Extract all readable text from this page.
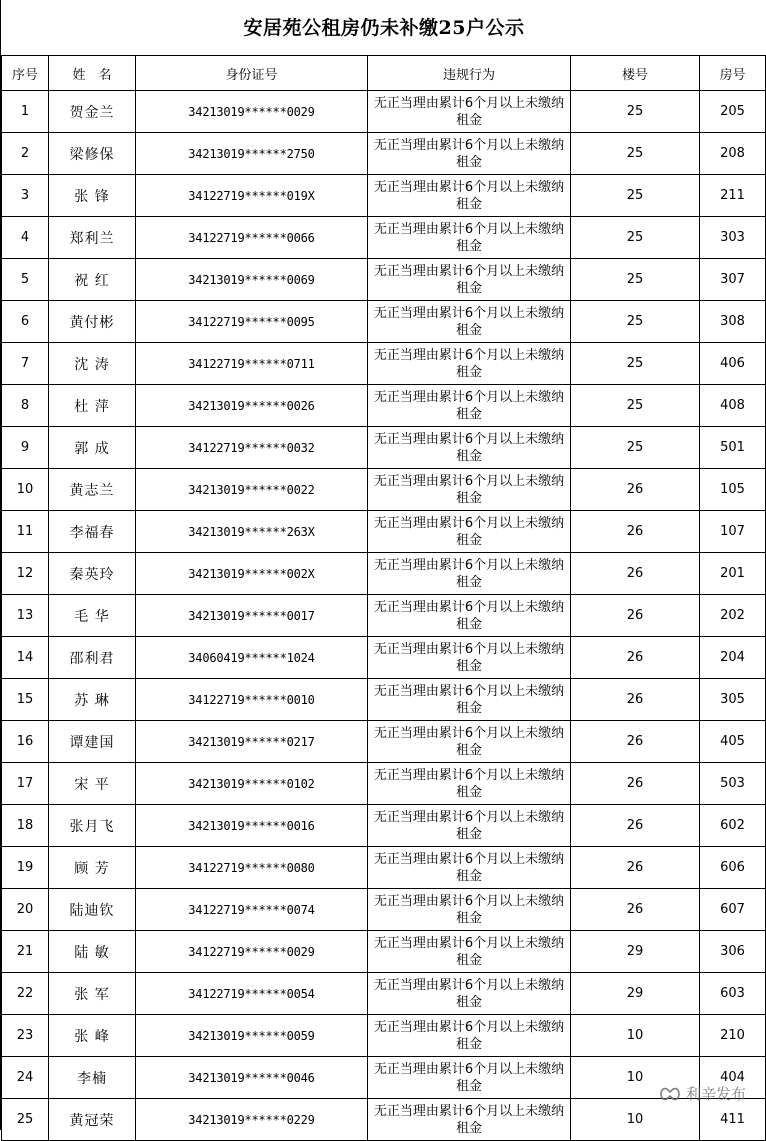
安居苑公租房仍未补缴25户公示
序号	姓　名	身份证号	违规行为	楼号	房号
1	贺金兰	34213019******0029	无正当理由累计6个月以上未缴纳租金	25	205
2	梁修保	34213019******2750	无正当理由累计6个月以上未缴纳租金	25	208
3	张 锋	34122719******019X	无正当理由累计6个月以上未缴纳租金	25	211
4	郑利兰	34122719******0066	无正当理由累计6个月以上未缴纳租金	25	303
5	祝 红	34213019******0069	无正当理由累计6个月以上未缴纳租金	25	307
6	黄付彬	34122719******0095	无正当理由累计6个月以上未缴纳租金	25	308
7	沈 涛	34122719******0711	无正当理由累计6个月以上未缴纳租金	25	406
8	杜 萍	34213019******0026	无正当理由累计6个月以上未缴纳租金	25	408
9	郭 成	34122719******0032	无正当理由累计6个月以上未缴纳租金	25	501
10	黄志兰	34213019******0022	无正当理由累计6个月以上未缴纳租金	26	105
11	李福春	34213019******263X	无正当理由累计6个月以上未缴纳租金	26	107
12	秦英玲	34213019******002X	无正当理由累计6个月以上未缴纳租金	26	201
13	毛 华	34213019******0017	无正当理由累计6个月以上未缴纳租金	26	202
14	邵利君	34060419******1024	无正当理由累计6个月以上未缴纳租金	26	204
15	苏 琳	34122719******0010	无正当理由累计6个月以上未缴纳租金	26	305
16	谭建国	34213019******0217	无正当理由累计6个月以上未缴纳租金	26	405
17	宋 平	34213019******0102	无正当理由累计6个月以上未缴纳租金	26	503
18	张月飞	34213019******0016	无正当理由累计6个月以上未缴纳租金	26	602
19	顾 芳	34122719******0080	无正当理由累计6个月以上未缴纳租金	26	606
20	陆迪钦	34122719******0074	无正当理由累计6个月以上未缴纳租金	26	607
21	陆 敏	34122719******0029	无正当理由累计6个月以上未缴纳租金	29	306
22	张 军	34122719******0054	无正当理由累计6个月以上未缴纳租金	29	603
23	张 峰	34213019******0059	无正当理由累计6个月以上未缴纳租金	10	210
24	李楠	34213019******0046	无正当理由累计6个月以上未缴纳租金	10	404
25	黄冠荣	34213019******0229	无正当理由累计6个月以上未缴纳租金	10	411
利辛发布
